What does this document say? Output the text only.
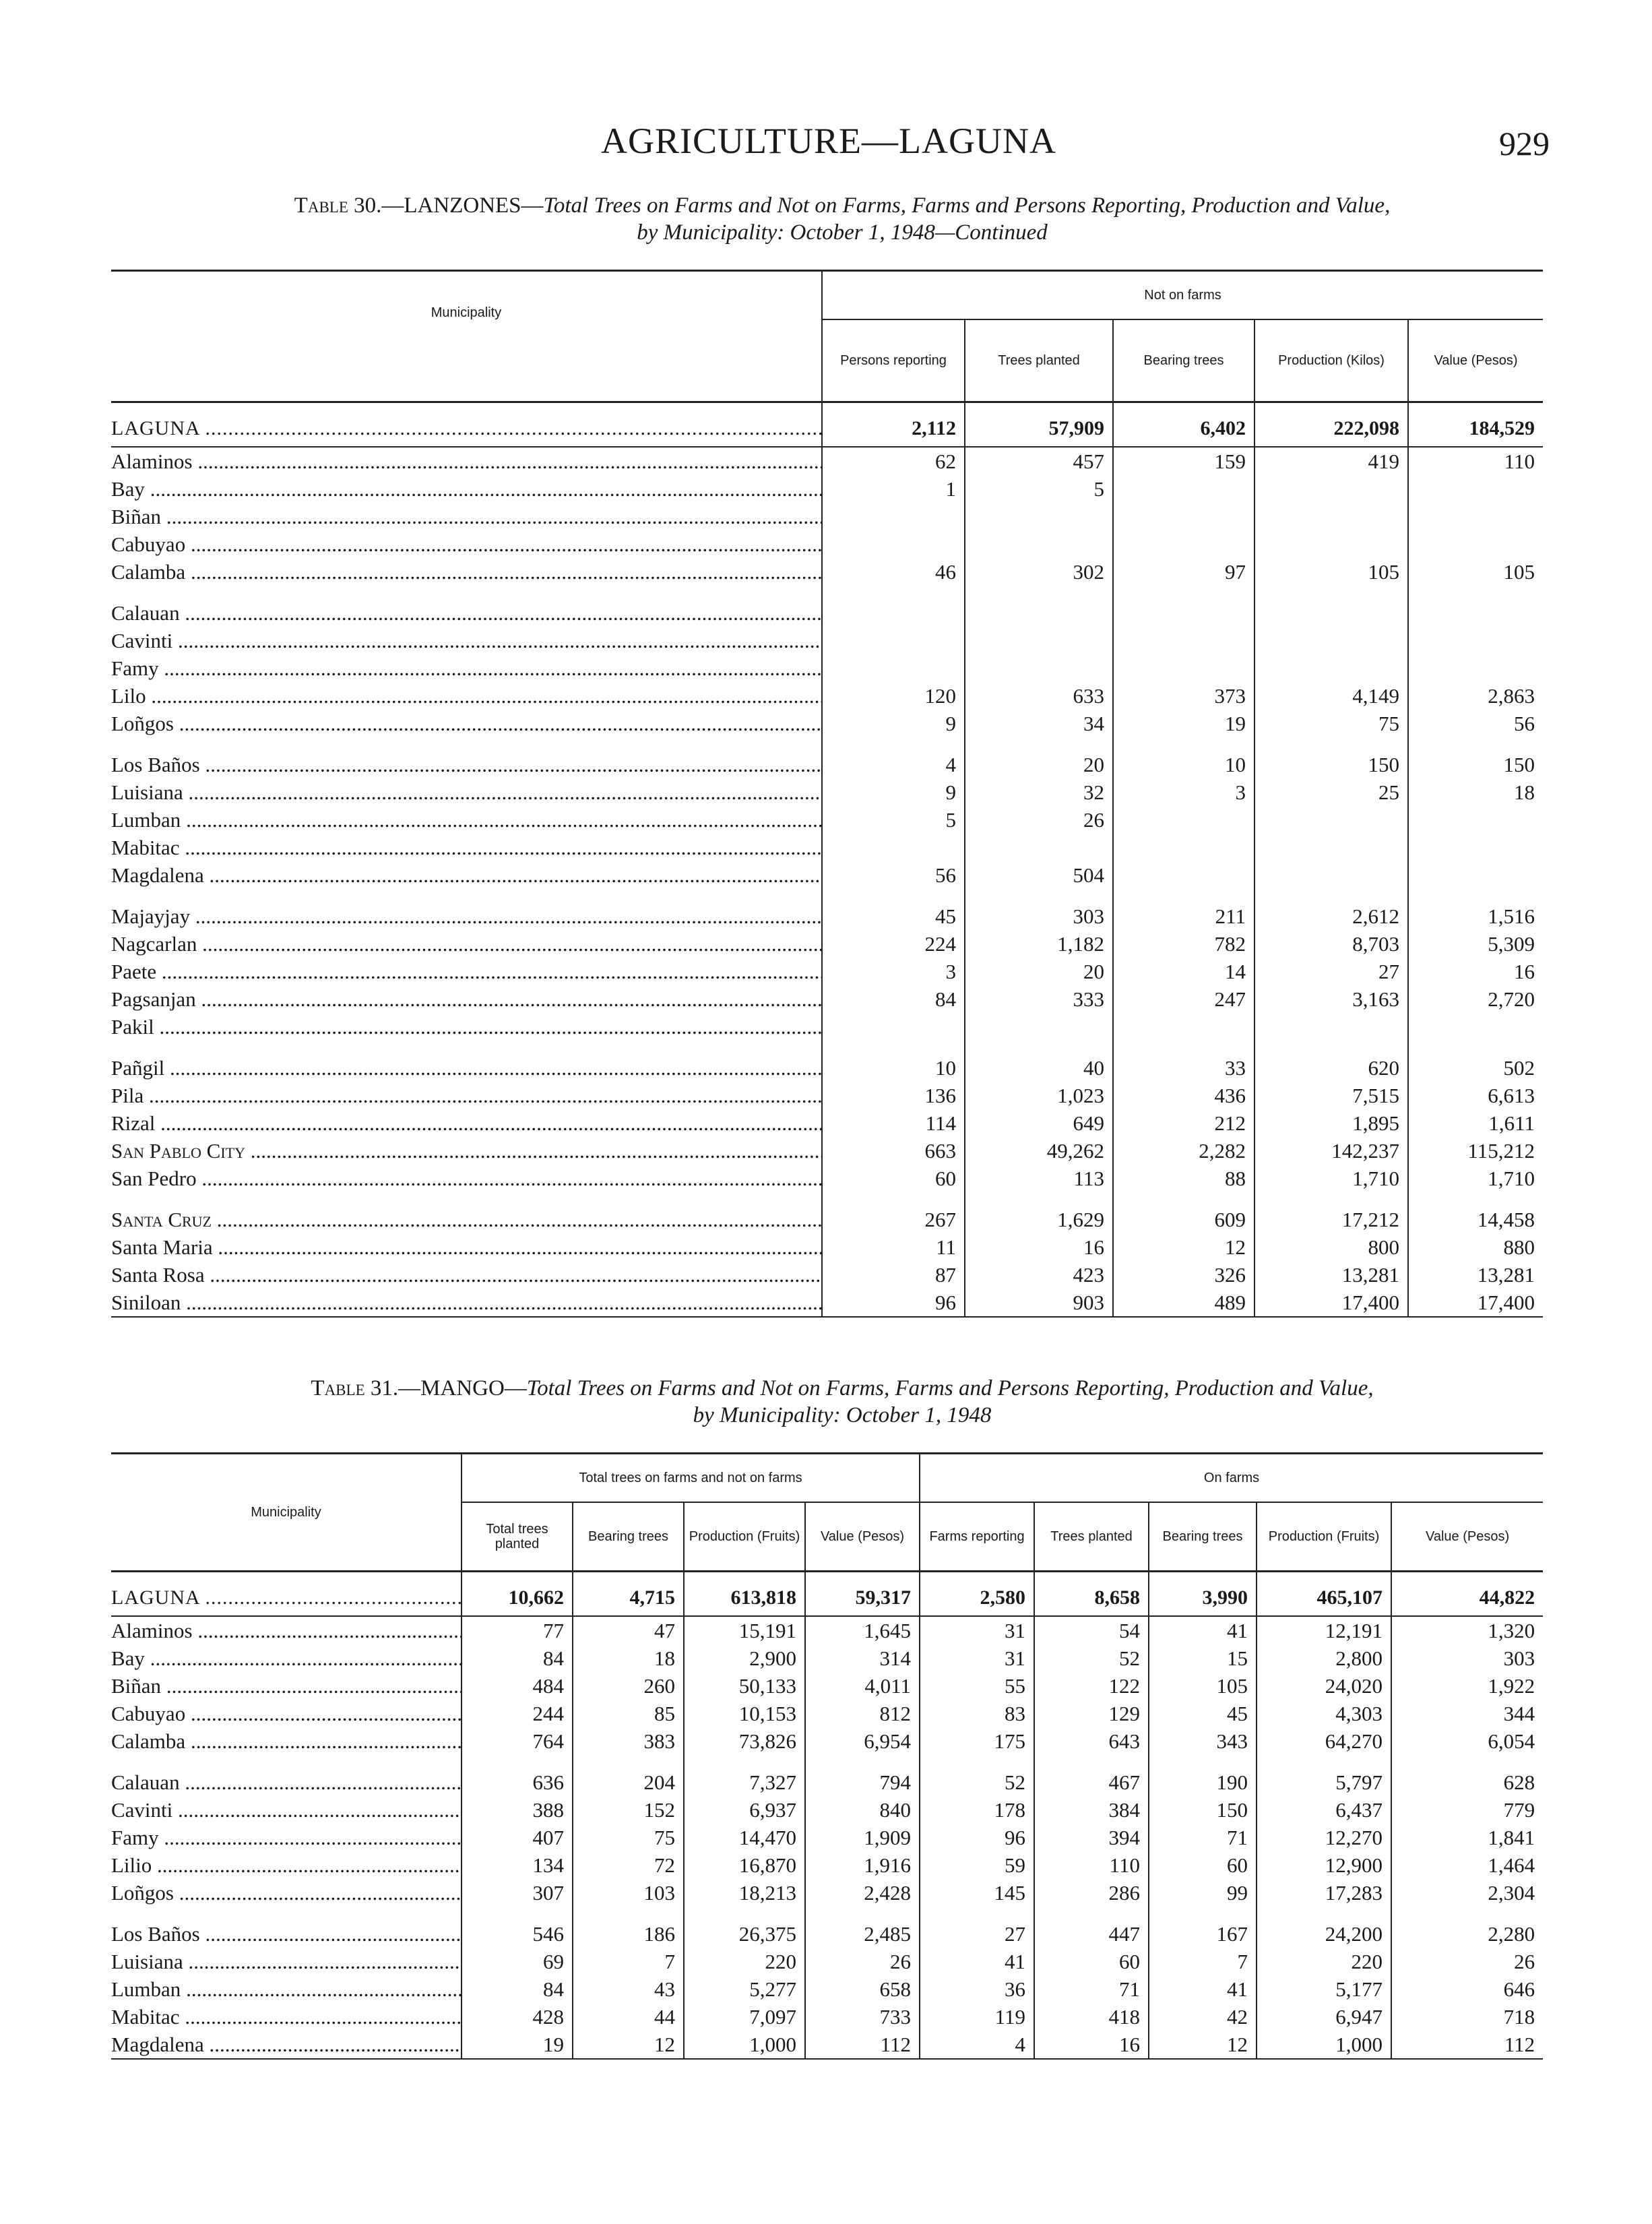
AGRICULTURE—LAGUNA	929
Table 30.—LANZONES—Total Trees on Farms and Not on Farms, Farms and Persons Reporting, Production and Value,
by Municipality: October 1, 1948—Continued
Municipality	Not on farms				
	Persons reporting	Trees planted	Bearing trees	Production (Kilos)	Value (Pesos)

LAGUNA .....	2,112	57,909	6,402	222,098	184,529

Alaminos .....	62	457	159	419	110

Bay .....	1	5			

Biñan .....

Cabuyao .....

Calamba .....	46	302	97	105	105

Calauan .....

Cavinti .....

Famy .....

Lilo .....	120	633	373	4,149	2,863

Loñgos .....	9	34	19	75	56

Los Baños .....	4	20	10	150	150

Luisiana .....	9	32	3	25	18

Lumban .....	5	26			

Mabitac .....

Magdalena .....	56	504			

Majayjay .....	45	303	211	2,612	1,516

Nagcarlan .....	224	1,182	782	8,703	5,309

Paete .....	3	20	14	27	16

Pagsanjan .....	84	333	247	3,163	2,720

Pakil .....

Pañgil .....	10	40	33	620	502

Pila .....	136	1,023	436	7,515	6,613

Rizal .....	114	649	212	1,895	1,611

San Pablo City .....	663	49,262	2,282	142,237	115,212

San Pedro .....	60	113	88	1,710	1,710

Santa Cruz .....	267	1,629	609	17,212	14,458

Santa Maria .....	11	16	12	800	880

Santa Rosa .....	87	423	326	13,281	13,281

Siniloan .....	96	903	489	17,400	17,400
Table 31.—MANGO—Total Trees on Farms and Not on Farms, Farms and Persons Reporting, Production and Value,
by Municipality: October 1, 1948
Municipality	Total trees on farms and not on farms				On farms				
	Total trees planted	Bearing trees	Production (Fruits)	Value (Pesos)	Farms reporting	Trees planted	Bearing trees	Production (Fruits)	Value (Pesos)

LAGUNA .....	10,662	4,715	613,818	59,317	2,580	8,658	3,990	465,107	44,822

Alaminos .....	77	47	15,191	1,645	31	54	41	12,191	1,320

Bay .....	84	18	2,900	314	31	52	15	2,800	303

Biñan .....	484	260	50,133	4,011	55	122	105	24,020	1,922

Cabuyao .....	244	85	10,153	812	83	129	45	4,303	344

Calamba .....	764	383	73,826	6,954	175	643	343	64,270	6,054

Calauan .....	636	204	7,327	794	52	467	190	5,797	628

Cavinti .....	388	152	6,937	840	178	384	150	6,437	779

Famy .....	407	75	14,470	1,909	96	394	71	12,270	1,841

Lilio .....	134	72	16,870	1,916	59	110	60	12,900	1,464

Loñgos .....	307	103	18,213	2,428	145	286	99	17,283	2,304

Los Baños .....	546	186	26,375	2,485	27	447	167	24,200	2,280

Luisiana .....	69	7	220	26	41	60	7	220	26

Lumban .....	84	43	5,277	658	36	71	41	5,177	646

Mabitac .....	428	44	7,097	733	119	418	42	6,947	718

Magdalena .....	19	12	1,000	112	4	16	12	1,000	112
